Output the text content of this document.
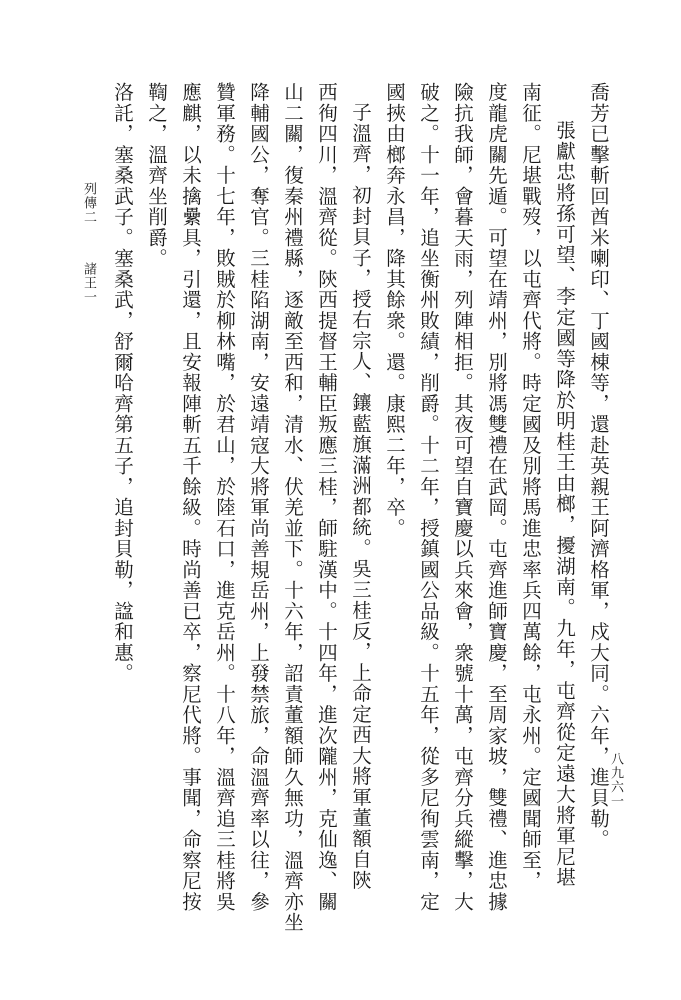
喬芳已擊斬回酋米喇印、丁國棟等，還赴英親王阿濟格軍，戍大同。六年，進貝勒。
張獻忠將孫可望、李定國等降於明桂王由榔，擾湖南。九年，屯齊從定遠大將軍尼堪
南征。尼堪戰歿，以屯齊代將。時定國及別將馬進忠率兵四萬餘，屯永州。定國聞師至，
度龍虎關先遁。可望在靖州，別將馮雙禮在武岡。屯齊進師寶慶，至周家坡，雙禮、進忠據
險抗我師，會暮天雨，列陣相拒。其夜可望自寶慶以兵來會，衆號十萬，屯齊分兵縱擊，大
破之。十一年，追坐衡州敗績，削爵。十二年，授鎮國公品級。十五年，從多尼徇雲南，定
國挾由榔奔永昌，降其餘衆。還。康熙二年，卒。
子溫齊，初封貝子，授右宗人、鑲藍旗滿洲都統。吳三桂反，上命定西大將軍董額自陝
西徇四川，溫齊從。陝西提督王輔臣叛應三桂，師駐漢中。十四年，進次隴州，克仙逸、關
山二關，復秦州禮縣，逐敵至西和，清水、伏羌並下。十六年，詔責董額師久無功，溫齊亦坐
降輔國公，奪官。三桂陷湖南，安遠靖寇大將軍尚善規岳州，上發禁旅，命溫齊率以往，參
贊軍務。十七年，敗賊於柳林嘴，於君山，於陸石口，進克岳州。十八年，溫齊追三桂將吳
應麒，以未擒纍具，引還，且安報陣斬五千餘級。時尚善已卒，察尼代將。事聞，命察尼按
鞫之，溫齊坐削爵。
洛託，塞桑武子。塞桑武，舒爾哈齊第五子，追封貝勒，諡和惠。
列傳二
諸王一
八九六一
